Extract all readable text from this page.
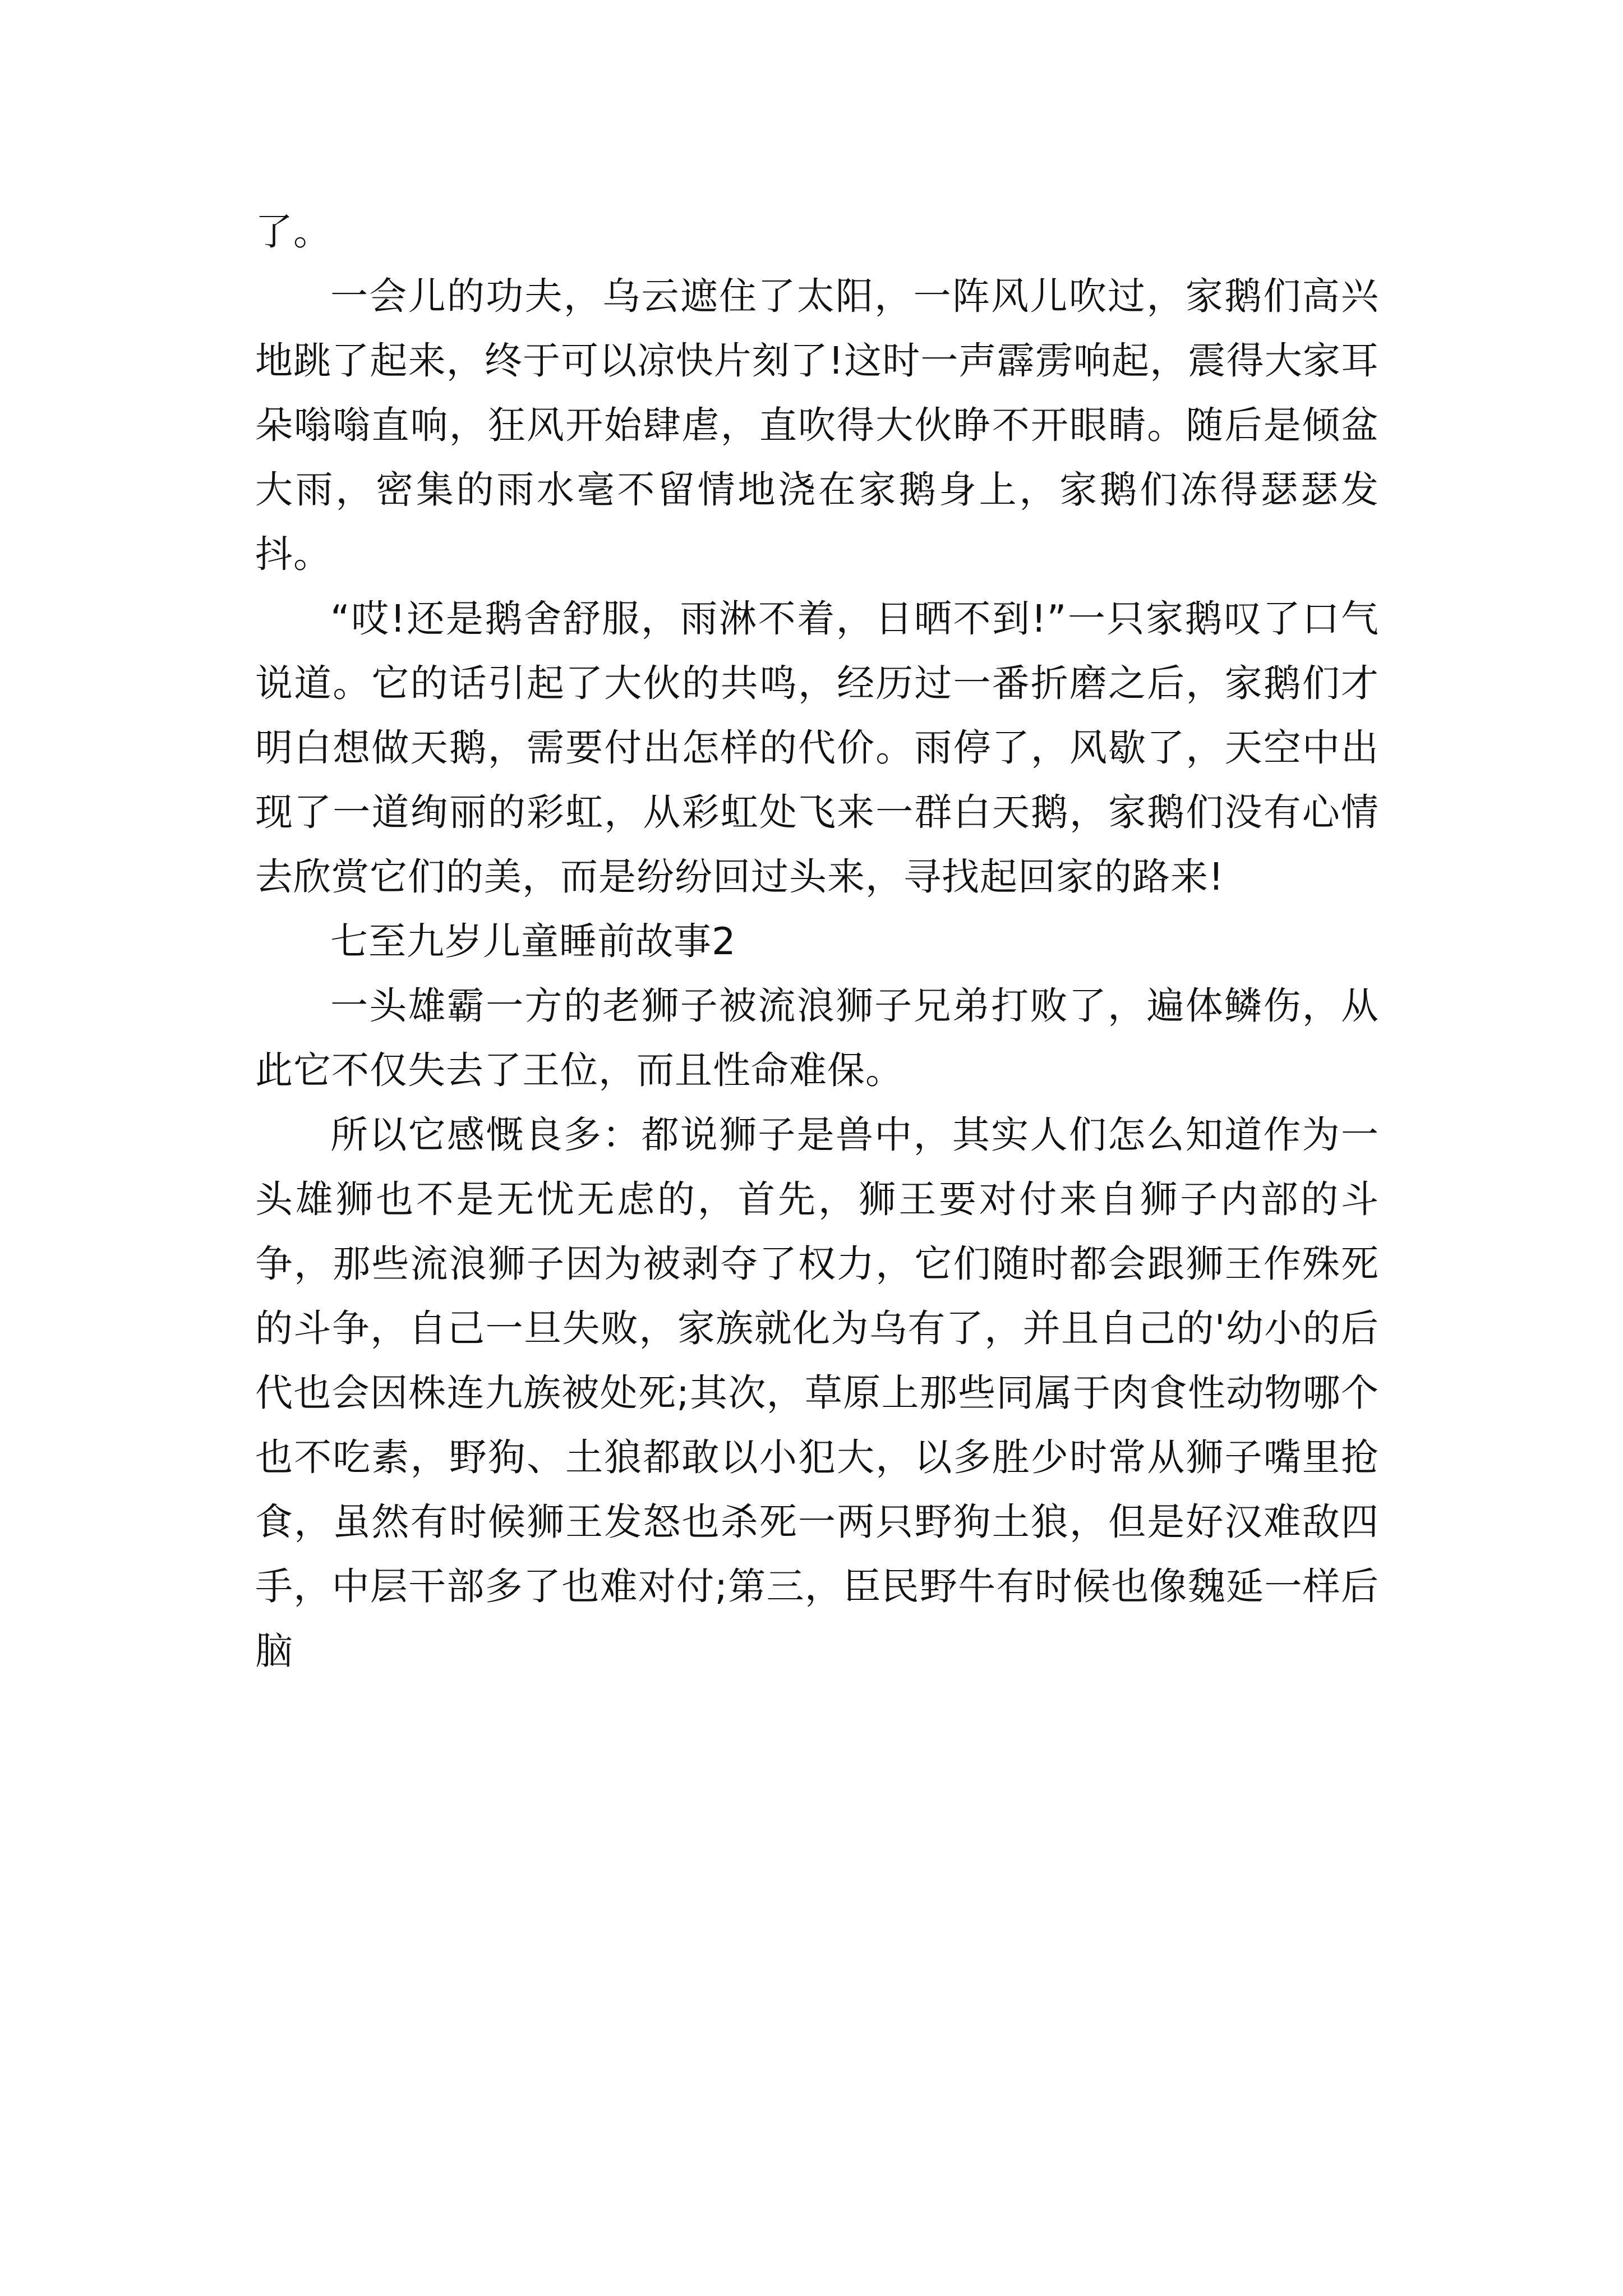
了。

一会儿的功夫，乌云遮住了太阳，一阵风儿吹过，家鹅们高兴地跳了起来，终于可以凉快片刻了!这时一声霹雳响起，震得大家耳朵嗡嗡直响，狂风开始肆虐，直吹得大伙睁不开眼睛。随后是倾盆大雨，密集的雨水毫不留情地浇在家鹅身上，家鹅们冻得瑟瑟发抖。

“哎!还是鹅舍舒服，雨淋不着，日晒不到!”一只家鹅叹了口气说道。它的话引起了大伙的共鸣，经历过一番折磨之后，家鹅们才明白想做天鹅，需要付出怎样的代价。雨停了，风歇了，天空中出现了一道绚丽的彩虹，从彩虹处飞来一群白天鹅，家鹅们没有心情去欣赏它们的美，而是纷纷回过头来，寻找起回家的路来!

七至九岁儿童睡前故事2

一头雄霸一方的老狮子被流浪狮子兄弟打败了，遍体鳞伤，从此它不仅失去了王位，而且性命难保。

所以它感慨良多：都说狮子是兽中，其实人们怎么知道作为一头雄狮也不是无忧无虑的，首先，狮王要对付来自狮子内部的斗争，那些流浪狮子因为被剥夺了权力，它们随时都会跟狮王作殊死的斗争，自己一旦失败，家族就化为乌有了，并且自己的'幼小的后代也会因株连九族被处死;其次，草原上那些同属于肉食性动物哪个也不吃素，野狗、土狼都敢以小犯大，以多胜少时常从狮子嘴里抢食，虽然有时候狮王发怒也杀死一两只野狗土狼，但是好汉难敌四手，中层干部多了也难对付;第三，臣民野牛有时候也像魏延一样后脑
